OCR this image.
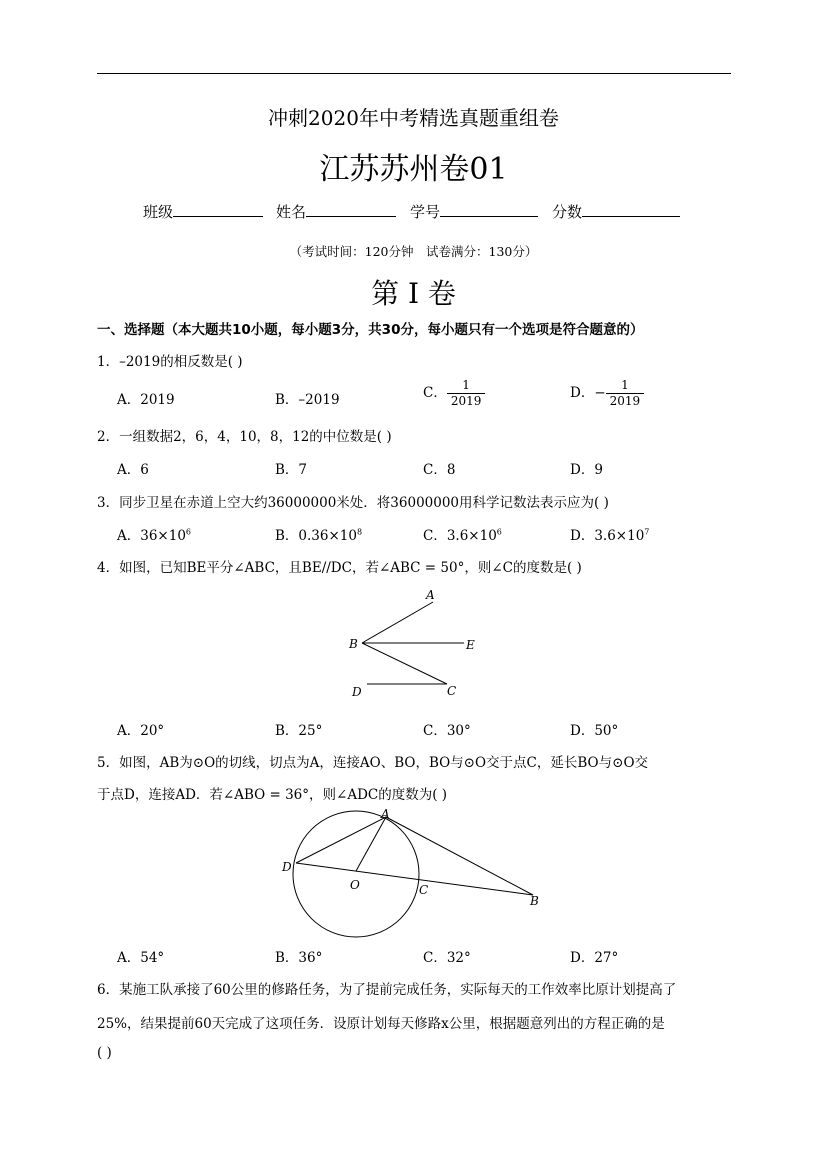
冲刺2020年中考精选真题重组卷
江苏苏州卷01
班级	姓名	学号	分数
（考试时间：120分钟　试卷满分：130分）
第 I 卷
一、选择题（本大题共10小题，每小题3分，共30分，每小题只有一个选项是符合题意的）
1．–2019的相反数是( )
A．2019	B．–2019	C． $\frac{1}{2019}$	D．− $\frac{1}{2019}$
2．一组数据2，6，4，10，8，12的中位数是( )
A．6	B．7	C．8	D．9
3．同步卫星在赤道上空大约36000000米处．将36000000用科学记数法表示应为( )
A．$36\times 10^6$	B．$0.36\times 10^8$	C．$3.6\times 10^6$	D．$3.6\times 10^7$
4．如图，已知BE平分∠ABC，且BE//DC，若∠ABC = 50°，则∠C的度数是( )
A
B	E
D	C
A．20°	B．25°	C．30°	D．50°
5．如图，AB为⊙O的切线，切点为A，连接AO、BO，BO与⊙O交于点C，延长BO与⊙O交
于点D，连接AD．若∠ABO = 36°，则∠ADC的度数为( )
A
D
O	C
B
A．54°	B．36°	C．32°	D．27°
6．某施工队承接了60公里的修路任务，为了提前完成任务，实际每天的工作效率比原计划提高了
25%，结果提前60天完成了这项任务．设原计划每天修路x公里，根据题意列出的方程正确的是
( )
